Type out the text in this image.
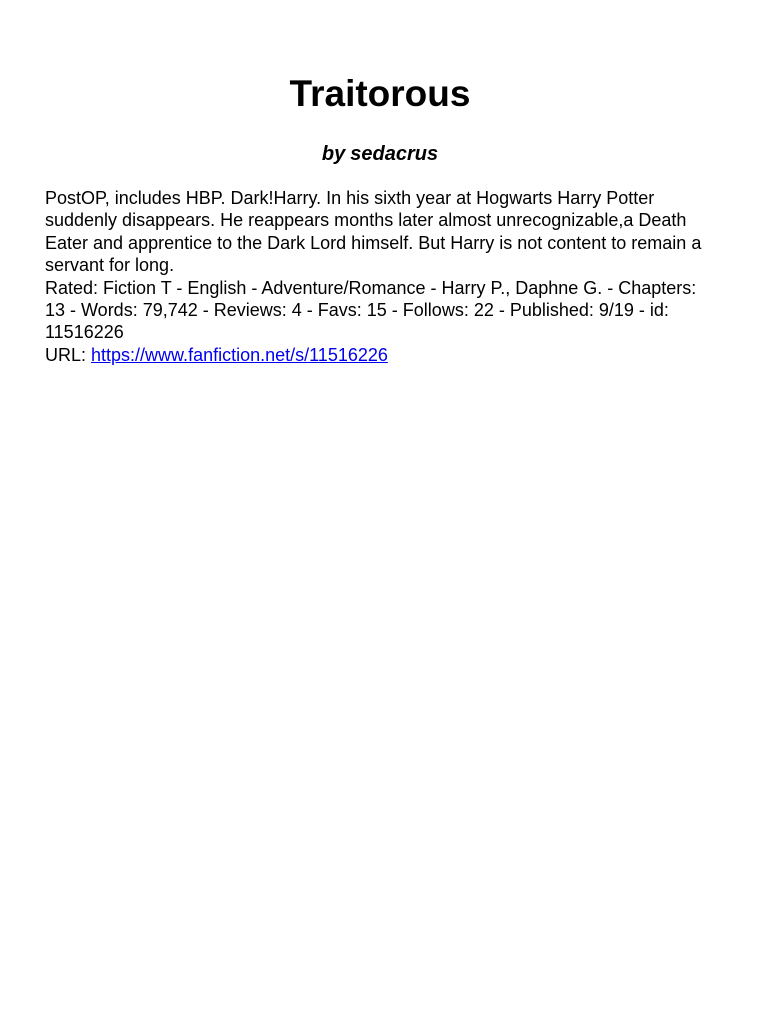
Traitorous
by sedacrus

PostOP, includes HBP. Dark!Harry. In his sixth year at Hogwarts Harry Potter suddenly disappears. He reappears months later almost unrecognizable,a Death Eater and apprentice to the Dark Lord himself. But Harry is not content to remain a servant for long.

Rated: Fiction T - English - Adventure/Romance - Harry P., Daphne G. - Chapters: 13 - Words: 79,742 - Reviews: 4 - Favs: 15 - Follows: 22 - Published: 9/19 - id: 11516226

URL: https://www.fanfiction.net/s/11516226
